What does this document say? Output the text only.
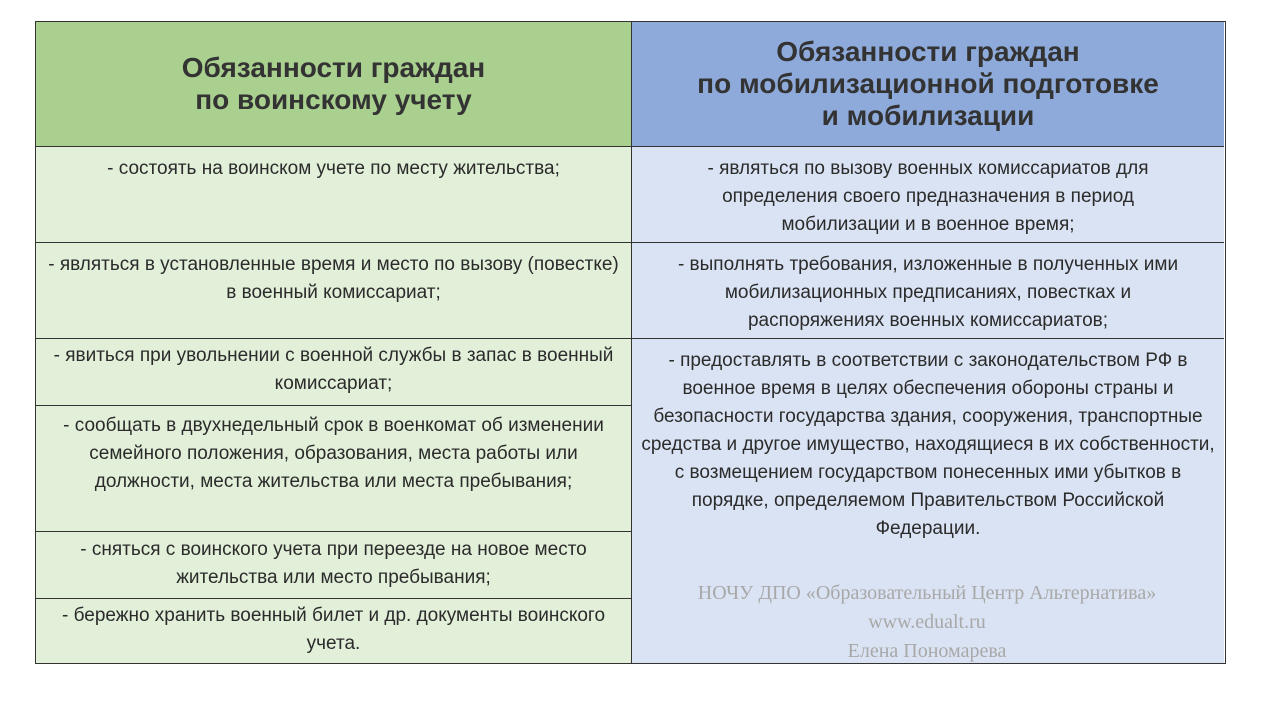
Обязанности граждан
по воинскому учету
- состоять на воинском учете по месту жительства;
- являться в установленные время и место по вызову (повестке) в военный комиссариат;
- явиться при увольнении с военной службы в запас в военный комиссариат;
- сообщать в двухнедельный срок в военкомат об изменении семейного положения, образования, места работы или должности, места жительства или места пребывания;
- сняться с воинского учета при переезде на новое место жительства или место пребывания;
- бережно хранить военный билет и др. документы воинского учета.
Обязанности граждан
по мобилизационной подготовке
и мобилизации
- являться по вызову военных комиссариатов для определения своего предназначения в период мобилизации и в военное время;
- выполнять требования, изложенные в полученных ими мобилизационных предписаниях, повестках и распоряжениях военных комиссариатов;
- предоставлять в соответствии с законодательством РФ в военное время в целях обеспечения обороны страны и безопасности государства здания, сооружения, транспортные средства и другое имущество, находящиеся в их собственности, с возмещением государством понесенных ими убытков в порядке, определяемом Правительством Российской Федерации.
НОЧУ ДПО «Образовательный Центр Альтернатива»
www.edualt.ru
Елена Пономарева
